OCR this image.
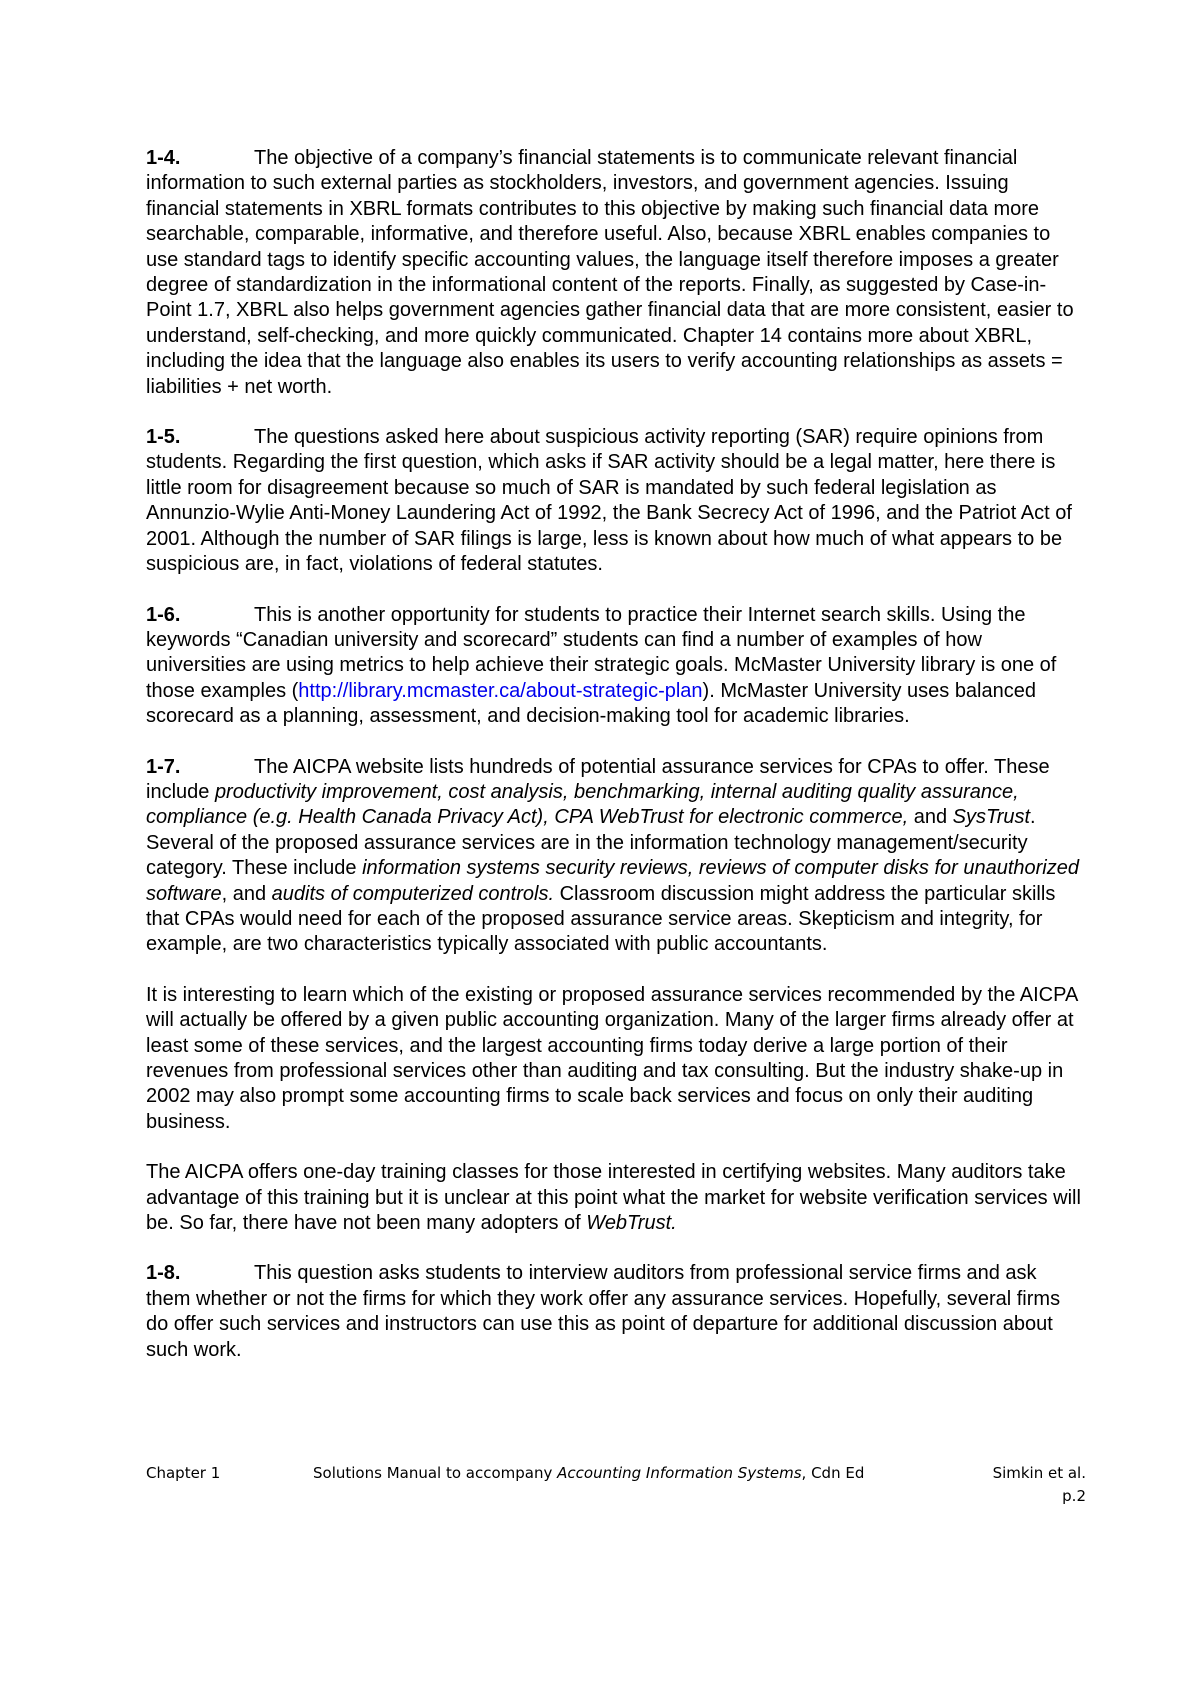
1-4.	The objective of a company’s financial statements is to communicate relevant financial information to such external parties as stockholders, investors, and government agencies. Issuing financial statements in XBRL formats contributes to this objective by making such financial data more searchable, comparable, informative, and therefore useful. Also, because XBRL enables companies to use standard tags to identify specific accounting values, the language itself therefore imposes a greater degree of standardization in the informational content of the reports. Finally, as suggested by Case-in-Point 1.7, XBRL also helps government agencies gather financial data that are more consistent, easier to understand, self-checking, and more quickly communicated. Chapter 14 contains more about XBRL, including the idea that the language also enables its users to verify accounting relationships as assets = liabilities + net worth.

1-5.	The questions asked here about suspicious activity reporting (SAR) require opinions from students. Regarding the first question, which asks if SAR activity should be a legal matter, here there is little room for disagreement because so much of SAR is mandated by such federal legislation as Annunzio-Wylie Anti-Money Laundering Act of 1992, the Bank Secrecy Act of 1996, and the Patriot Act of 2001. Although the number of SAR filings is large, less is known about how much of what appears to be suspicious are, in fact, violations of federal statutes.

1-6.	This is another opportunity for students to practice their Internet search skills. Using the keywords “Canadian university and scorecard” students can find a number of examples of how universities are using metrics to help achieve their strategic goals. McMaster University library is one of those examples (http://library.mcmaster.ca/about-strategic-plan). McMaster University uses balanced scorecard as a planning, assessment, and decision-making tool for academic libraries.

1-7.	The AICPA website lists hundreds of potential assurance services for CPAs to offer. These include productivity improvement, cost analysis, benchmarking, internal auditing quality assurance, compliance (e.g. Health Canada Privacy Act), CPA WebTrust for electronic commerce, and SysTrust. Several of the proposed assurance services are in the information technology management/security category. These include information systems security reviews, reviews of computer disks for unauthorized software, and audits of computerized controls. Classroom discussion might address the particular skills that CPAs would need for each of the proposed assurance service areas. Skepticism and integrity, for example, are two characteristics typically associated with public accountants.

It is interesting to learn which of the existing or proposed assurance services recommended by the AICPA will actually be offered by a given public accounting organization. Many of the larger firms already offer at least some of these services, and the largest accounting firms today derive a large portion of their revenues from professional services other than auditing and tax consulting. But the industry shake-up in 2002 may also prompt some accounting firms to scale back services and focus on only their auditing business.

The AICPA offers one-day training classes for those interested in certifying websites. Many auditors take advantage of this training but it is unclear at this point what the market for website verification services will be. So far, there have not been many adopters of WebTrust.

1-8.	This question asks students to interview auditors from professional service firms and ask them whether or not the firms for which they work offer any assurance services. Hopefully, several firms do offer such services and instructors can use this as point of departure for additional discussion about such work.

Chapter 1	Solutions Manual to accompany Accounting Information Systems, Cdn Ed	Simkin et al.
p.2
